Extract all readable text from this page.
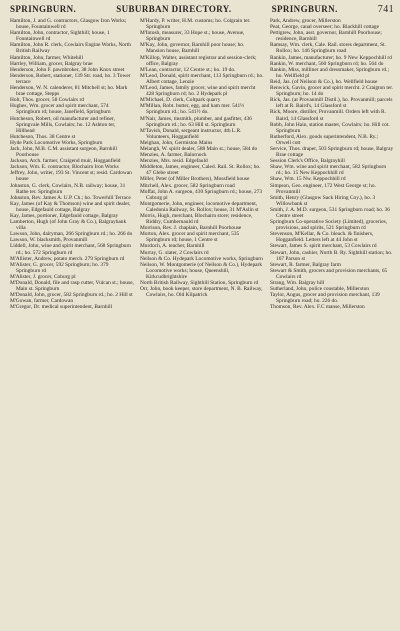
SPRINGBURN.	SUBURBAN DIRECTORY.	SPRINGBURN.	741

Hamilton, J. and G. contractors, Glasgow Iron Works; house, Fountainwell rd

Hamilton, John, contractor, Sighthill; house, 1 Fountainwell rd

Hamilton, John R. clerk, Cowlairs Engine Works, North British Railway

Hamilton, John, farmer, Whitehill

Hartley, William, grocer, Balgray brae

Henderson, John F. pawnbroker, 38 John Knox street

Henderson, Robert, stationer, 139 Str. road, ho. 3 Tower terrace

Henderson, W. N. calenderer, 81 Mitchell st; ho. Mark brae cottage, Stepps

Holt, Thos. grocer, 58 Cowlairs rd

Hughes, Wm. grocer and spirit merchant, 574 Springburn rd; house, Janefield, Springburn

Hutcheson, Robert, oil manufacturer and refiner, Springvale Mills, Cowlairs; ho. 12 Ashton ter, Hillhead

Hutcheson, Thos. 38 Centre st

Hyde Park Locomotive Works, Springburn

Jack, John, M.B. C.M. assistant surgeon, Barnhill Poorhouse

Jackson, Arch. farmer, Craigend muir, Hogganfield

Jackson, Wm. E. contractor, Blochairn Iron Works

Jeffrey, John, writer, 193 St. Vincent st; resid. Cardowan house

Johnston, G. clerk, Cowlairs, N.B. railway; house, 31 Rathe ter. Springburn

Johnston, Rev. James A. U.P. Ch.; ho. Towerhill Terrace

Kay, James (of Kay & Thomson) wine and spirit dealer, house, Edgefauld cottage, Balgray

Kay, James, portioner, Edgefauld cottage, Balgray

Lamberton, Hugh (of John Gray & Co.), Balgrayhank villa

Lawson, John, dairyman, 266 Springburn rd.; ho. 266 do

Lawson, W. blacksmith, Provanmill

Liddell, John, wine and spirit merchant, 568 Springburn rd.; ho. 572 Springburn rd

M'Allister, Andrew, potato merch. 279 Springburn rd

M'Alister, G. grocer, 592 Springburn; ho. 379 Springburn rd

M'Alister, J. grocer, Coburg pl

M'Donald, Donald, file and rasp cutter, Vulcan st.; house, Main st. Springburn

M'Donald, John, grocer, 582 Springburn rd.; ho. 2 Hill st

M'Gowan, farmer, Cardowan

M'Gregor, Dr. medical superintendent, Barnhill

M'Hardy, P. writer, H.M. customs; ho. Colgrain ter. Springburn

M'Intosh, measurer, 33 Hope st.; house, Avenue, Springburn

M'Kay, John, governor, Barnhill poor house; ho. Mansion house, Barnhill

M'Killop, Walter, assistant registrar and session-clerk; office, Balgray

M'Lean, contractor, 12 Centre st.; ho. 19 do.

M'Leod, Donald, spirit merchant, 113 Springburn rd.; ho. Albert cottage, Lenzie

M'Leod, James, family grocer, wine and spirit mercht 428 Springburn rd; ho. 2 Hydepark pl

M'Michael, D. clerk, Coltpark quarry

M'Millan, Robt. butter, egg, and ham mer. 541½ Springburn rd.; ho. 541½ do.

M'Nair, James, tinsmith, plumber, and gasfitter, 436 Springburn rd.; ho. 63 Hill st. Springburn

M'Tavish, Donald, sergeant instructor, 4th L.R. Volunteers, Hogganfield

Meighan, John, Germiston Mains

Melangh, W. spirit dealer, 588 Main st.; house, 584 do

Menzies, A. farmer, Balornock

Menzies, Mrs. resid. Edgefauld

Middleton, James, engineer, Caled. Rail. St. Rollox; ho. 47 Glebe street

Miller, Peter (of Miller Brothers), Mossfield house

Mitchell, Alex. grocer, 582 Springburn road

Moffat, John A. surgeon, 430 Springburn rd.; house, 273 Coburg pl

Montgomerie, John, engineer, locomotive department, Caledonia Railway, St. Rollox; house, 31 M'Aslin st

Morris, Hugh, merchant, Blochairn store; residence, Riddry, Cumbernauld rd

Morrison, Rev. J. chaplain, Barnhill Poorhouse

Morton, Alex. grocer and spirit merchant, 535 Springburn rd; house, 1 Centre st

Murdoch, A. teacher, Barnhill

Murray, G. slater, 2 Cowlairs rd

Neilson & Co. Hydepark Locomotive works, Springburn

Neilson, W. Montgomerie (of Neilson & Co.), Hydepark Locomotive works; house, Queenshill, Kirkcudbrightshire

North British Railway, Sighthill Station, Springburn rd

Orr, John, book keeper, store department, N. B. Railway, Cowlairs, ho. Old Kilpatrick

Park, Andrew, grocer, Millerston

Peat, George, canal overseer; ho. Blackhill cottage

Pettigrew, John, asst. governor, Barnhill Poorhouse; residence, Barnhill

Ramsay, Wm. clerk, Cale. Rail. stores department, St. Rollox; ho. 146 Springburn road

Rankin, James, manufacturer; ho. 9 New Keppochhill rd

Rankin, W. merchant, 560 Springburn rd; ho. 564 do

Rankin, Miss, milliner and dressmaker, Springburn rd.; ho. Wellfield pl

Reid, Jas. (of Neilson & Co.), ho. Wellfield house

Renwick, Gavin, grocer and spirit mercht. 2 Craigton ter. Springburn; ho. 14 do

Rick, Jas. (at Provanmill Distil.), ho. Provanmill; parcels left at R. Baird's, 14 Glassford st

Rick, Moore, distiller, Provanmill. Orders left with R. Baird, 14 Glassford st

Robb, John Hain, station master, Cowlairs; ho. Hill cot. Springburn

Rutherford, Alex. goods superintendent, N.B. Ry.; Orwell cott

Service, Thos. draper, 503 Springburn rd; house, Balgray Brae cottage

Session Clerk's Office, Balgrayhill

Shaw, Wm. wine and spirit merchant, 582 Springburn rd.; ho. 15 New Keppochhill rd

Shaw, Wm. 15 Nw. Keppochhill rd

Simpson, Geo. engineer, 172 West George st; ho. Provanmill

Smith, Henry (Glasgow Sack Hiring Coy.), ho. 3 Willowbank st

Smith, J. A. M.D. surgeon, 531 Springburn road; ho. 36 Centre street

Springburn Co-operative Society (Limited), groceries, provisions, and spirits, 521 Springburn rd

Stevenson, M'Kellar, & Co. bleach. & finishers, Hogganfield. Letters left at 44 John st

Stewart, James S. spirit merchant, 53 Cowlairs rd

Stewart, John, cashier, North B. Ry. Sighthill station; ho. 167 Parson st

Stewart, R. farmer, Balgray farm

Stewart & Smith, grocers and provision merchants, 65 Cowlairs rd

Strang, Wm. Balgray hill

Sutherland, John, police constable, Millerston

Taylor, Angus, grocer and provision merchant, 139 Springburn road; ho. 226 do.

Thomson, Rev. Alex. F.C manse, Millerston
